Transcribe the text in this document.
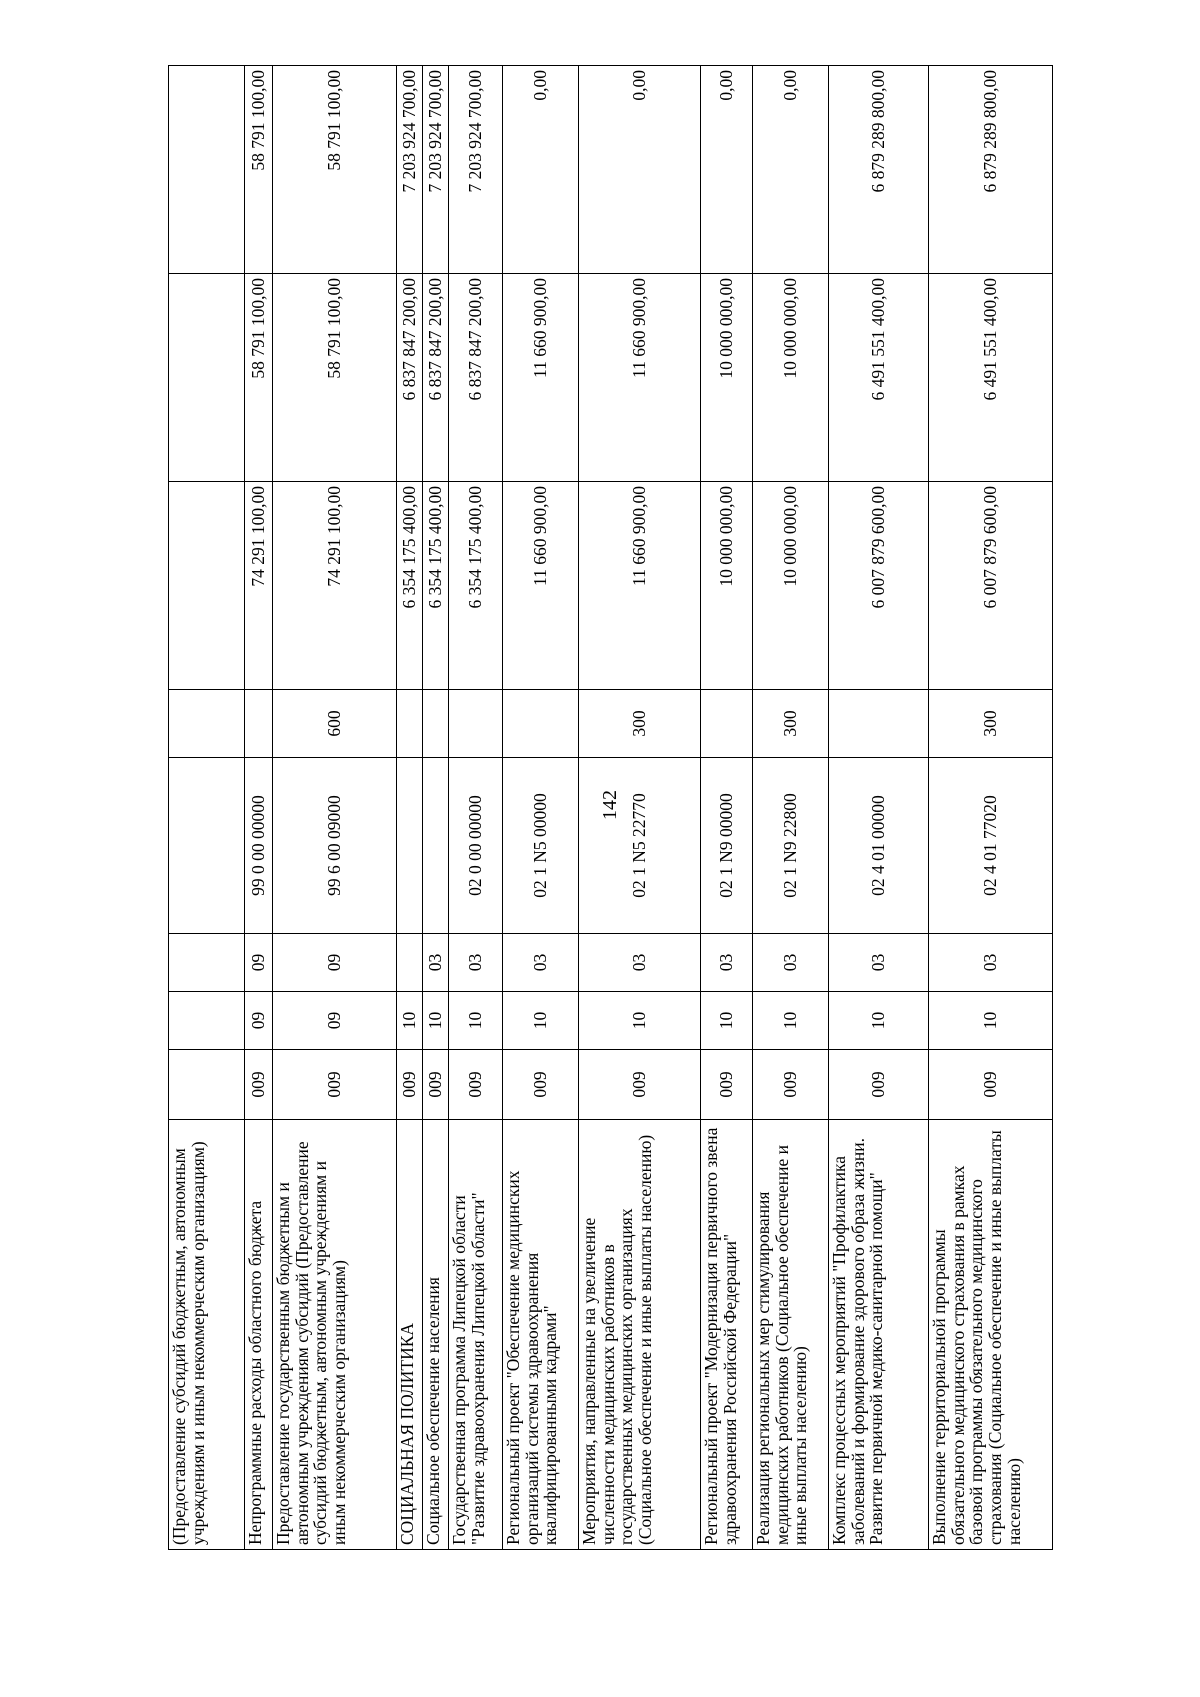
142
(Предоставление субсидий бюджетным, автономным учреждениям и иным некоммерческим организациям)								
Непрограммные расходы областного бюджета	009	09	09	99 0 00 00000		74 291 100,00	58 791 100,00	58 791 100,00
Предоставление государственным бюджетным и автономным учреждениям субсидий (Предоставление субсидий бюджетным, автономным учреждениям и иным некоммерческим организациям)	009	09	09	99 6 00 09000	600	74 291 100,00	58 791 100,00	58 791 100,00
СОЦИАЛЬНАЯ ПОЛИТИКА	009	10				6 354 175 400,00	6 837 847 200,00	7 203 924 700,00
Социальное обеспечение населения	009	10	03			6 354 175 400,00	6 837 847 200,00	7 203 924 700,00
Государственная программа Липецкой области "Развитие здравоохранения Липецкой области"	009	10	03	02 0 00 00000		6 354 175 400,00	6 837 847 200,00	7 203 924 700,00
Региональный проект "Обеспечение медицинских организаций системы здравоохранения квалифицированными кадрами"	009	10	03	02 1 N5 00000		11 660 900,00	11 660 900,00	0,00
Мероприятия, направленные на увеличение численности медицинских работников в государственных медицинских организациях (Социальное обеспечение и иные выплаты населению)	009	10	03	02 1 N5 22770	300	11 660 900,00	11 660 900,00	0,00
Региональный проект "Модернизация первичного звена здравоохранения Российской Федерации"	009	10	03	02 1 N9 00000		10 000 000,00	10 000 000,00	0,00
Реализация региональных мер стимулирования медицинских работников (Социальное обеспечение и иные выплаты населению)	009	10	03	02 1 N9 22800	300	10 000 000,00	10 000 000,00	0,00
Комплекс процессных мероприятий "Профилактика заболеваний и формирование здорового образа жизни. Развитие первичной медико-санитарной помощи"	009	10	03	02 4 01 00000		6 007 879 600,00	6 491 551 400,00	6 879 289 800,00
Выполнение территориальной программы обязательного медицинского страхования в рамках базовой программы обязательного медицинского страхования (Социальное обеспечение и иные выплаты населению)	009	10	03	02 4 01 77020	300	6 007 879 600,00	6 491 551 400,00	6 879 289 800,00
